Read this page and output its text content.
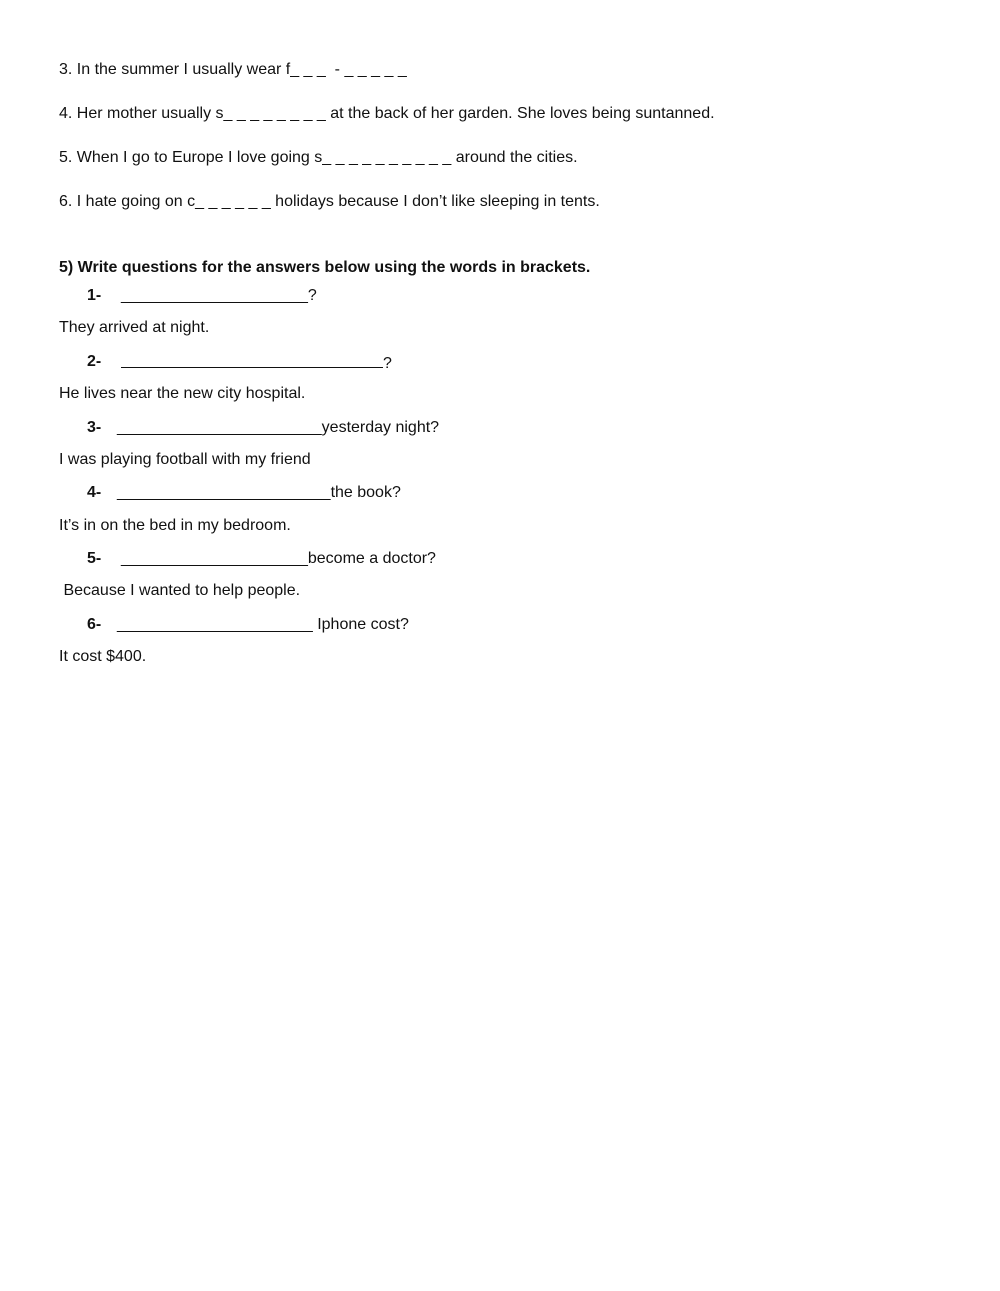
3. In the summer I usually wear f_ _ _  - _ _ _ _ _
4. Her mother usually s_ _ _ _ _ _ _ _ at the back of her garden. She loves being suntanned.
5. When I go to Europe I love going s_ _ _ _ _ _ _ _ _ _ around the cities.
6. I hate going on c_ _ _ _ _ _ holidays because I don’t like sleeping in tents.
5) Write questions for the answers below using the words in brackets.
1- _____________________?
They arrived at night.
2-	?
He lives near the new city hospital.
3- _______________________yesterday night?
I was playing football with my friend
4- ________________________the book?
It’s in on the bed in my bedroom.
5- _____________________become a doctor?
Because I wanted to help people.
6- ______________________ Iphone cost?
It cost $400.
